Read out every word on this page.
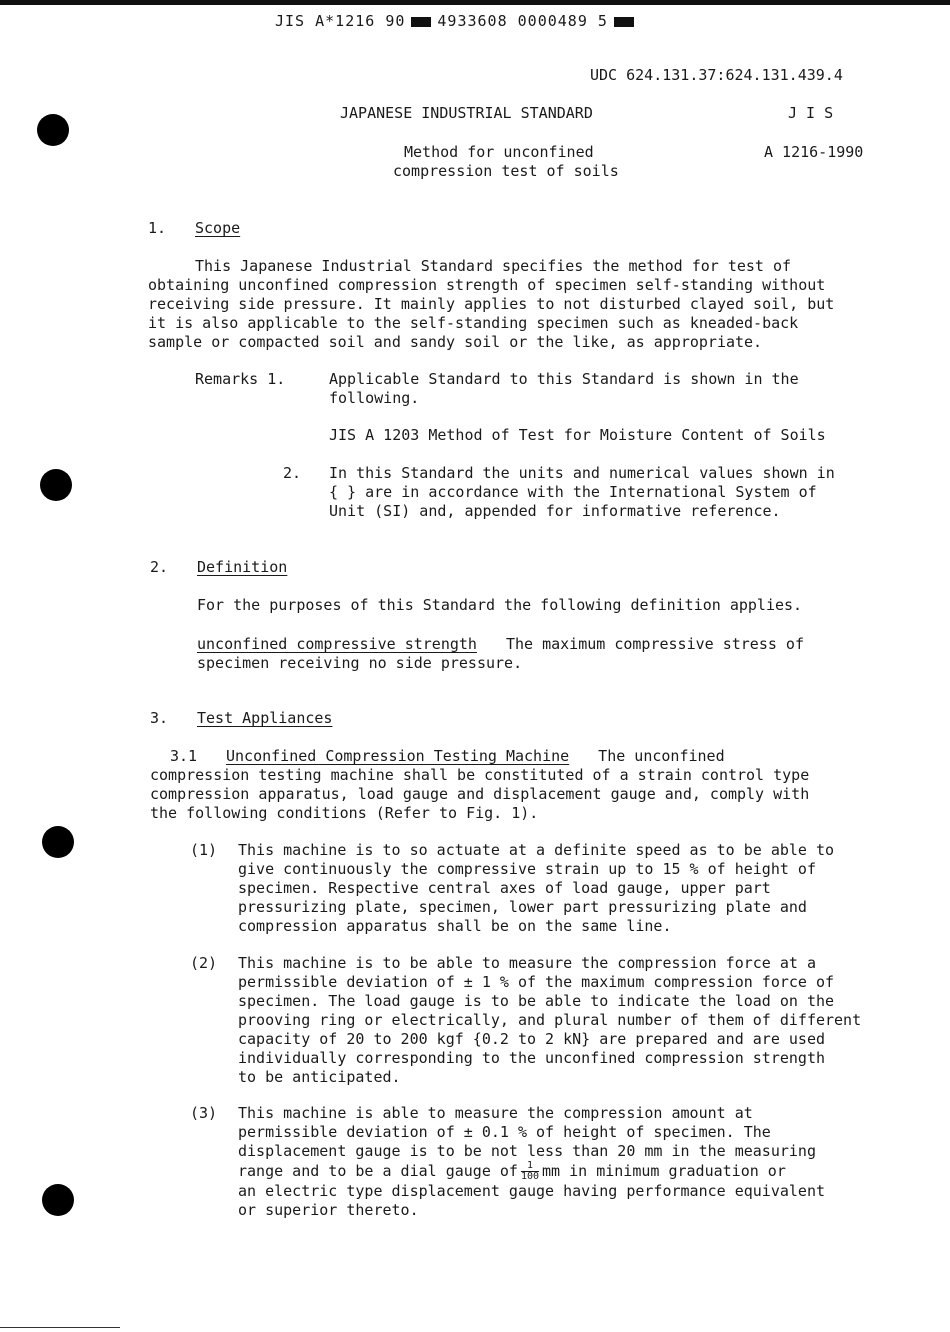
JIS A*1216 90 4933608 0000489 5
UDC 624.131.37:624.131.439.4
JAPANESE INDUSTRIAL STANDARD	J I S
Method for unconfined	A 1216-1990
compression test of soils
1. Scope
This Japanese Industrial Standard specifies the method for test of
obtaining unconfined compression strength of specimen self-standing without
receiving side pressure. It mainly applies to not disturbed clayed soil, but
it is also applicable to the self-standing specimen such as kneaded-back
sample or compacted soil and sandy soil or the like, as appropriate.
Remarks 1.	Applicable Standard to this Standard is shown in the
following.
JIS A 1203 Method of Test for Moisture Content of Soils
2. In this Standard the units and numerical values shown in
{ } are in accordance with the International System of
Unit (SI) and, appended for informative reference.
2. Definition
For the purposes of this Standard the following definition applies.
unconfined compressive strength The maximum compressive stress of
specimen receiving no side pressure.
3. Test Appliances
3.1 Unconfined Compression Testing Machine The unconfined
compression testing machine shall be constituted of a strain control type
compression apparatus, load gauge and displacement gauge and, comply with
the following conditions (Refer to Fig. 1).
(1) This machine is to so actuate at a definite speed as to be able to
give continuously the compressive strain up to 15 % of height of
specimen. Respective central axes of load gauge, upper part
pressurizing plate, specimen, lower part pressurizing plate and
compression apparatus shall be on the same line.
(2) This machine is to be able to measure the compression force at a
permissible deviation of ± 1 % of the maximum compression force of
specimen. The load gauge is to be able to indicate the load on the
prooving ring or electrically, and plural number of them of different
capacity of 20 to 200 kgf {0.2 to 2 kN} are prepared and are used
individually corresponding to the unconfined compression strength
to be anticipated.
(3) This machine is able to measure the compression amount at
permissible deviation of ± 0.1 % of height of specimen. The
displacement gauge is to be not less than 20 mm in the measuring
range and to be a dial gauge of $\frac{1}{100}$ mm in minimum graduation or
an electric type displacement gauge having performance equivalent
or superior thereto.
